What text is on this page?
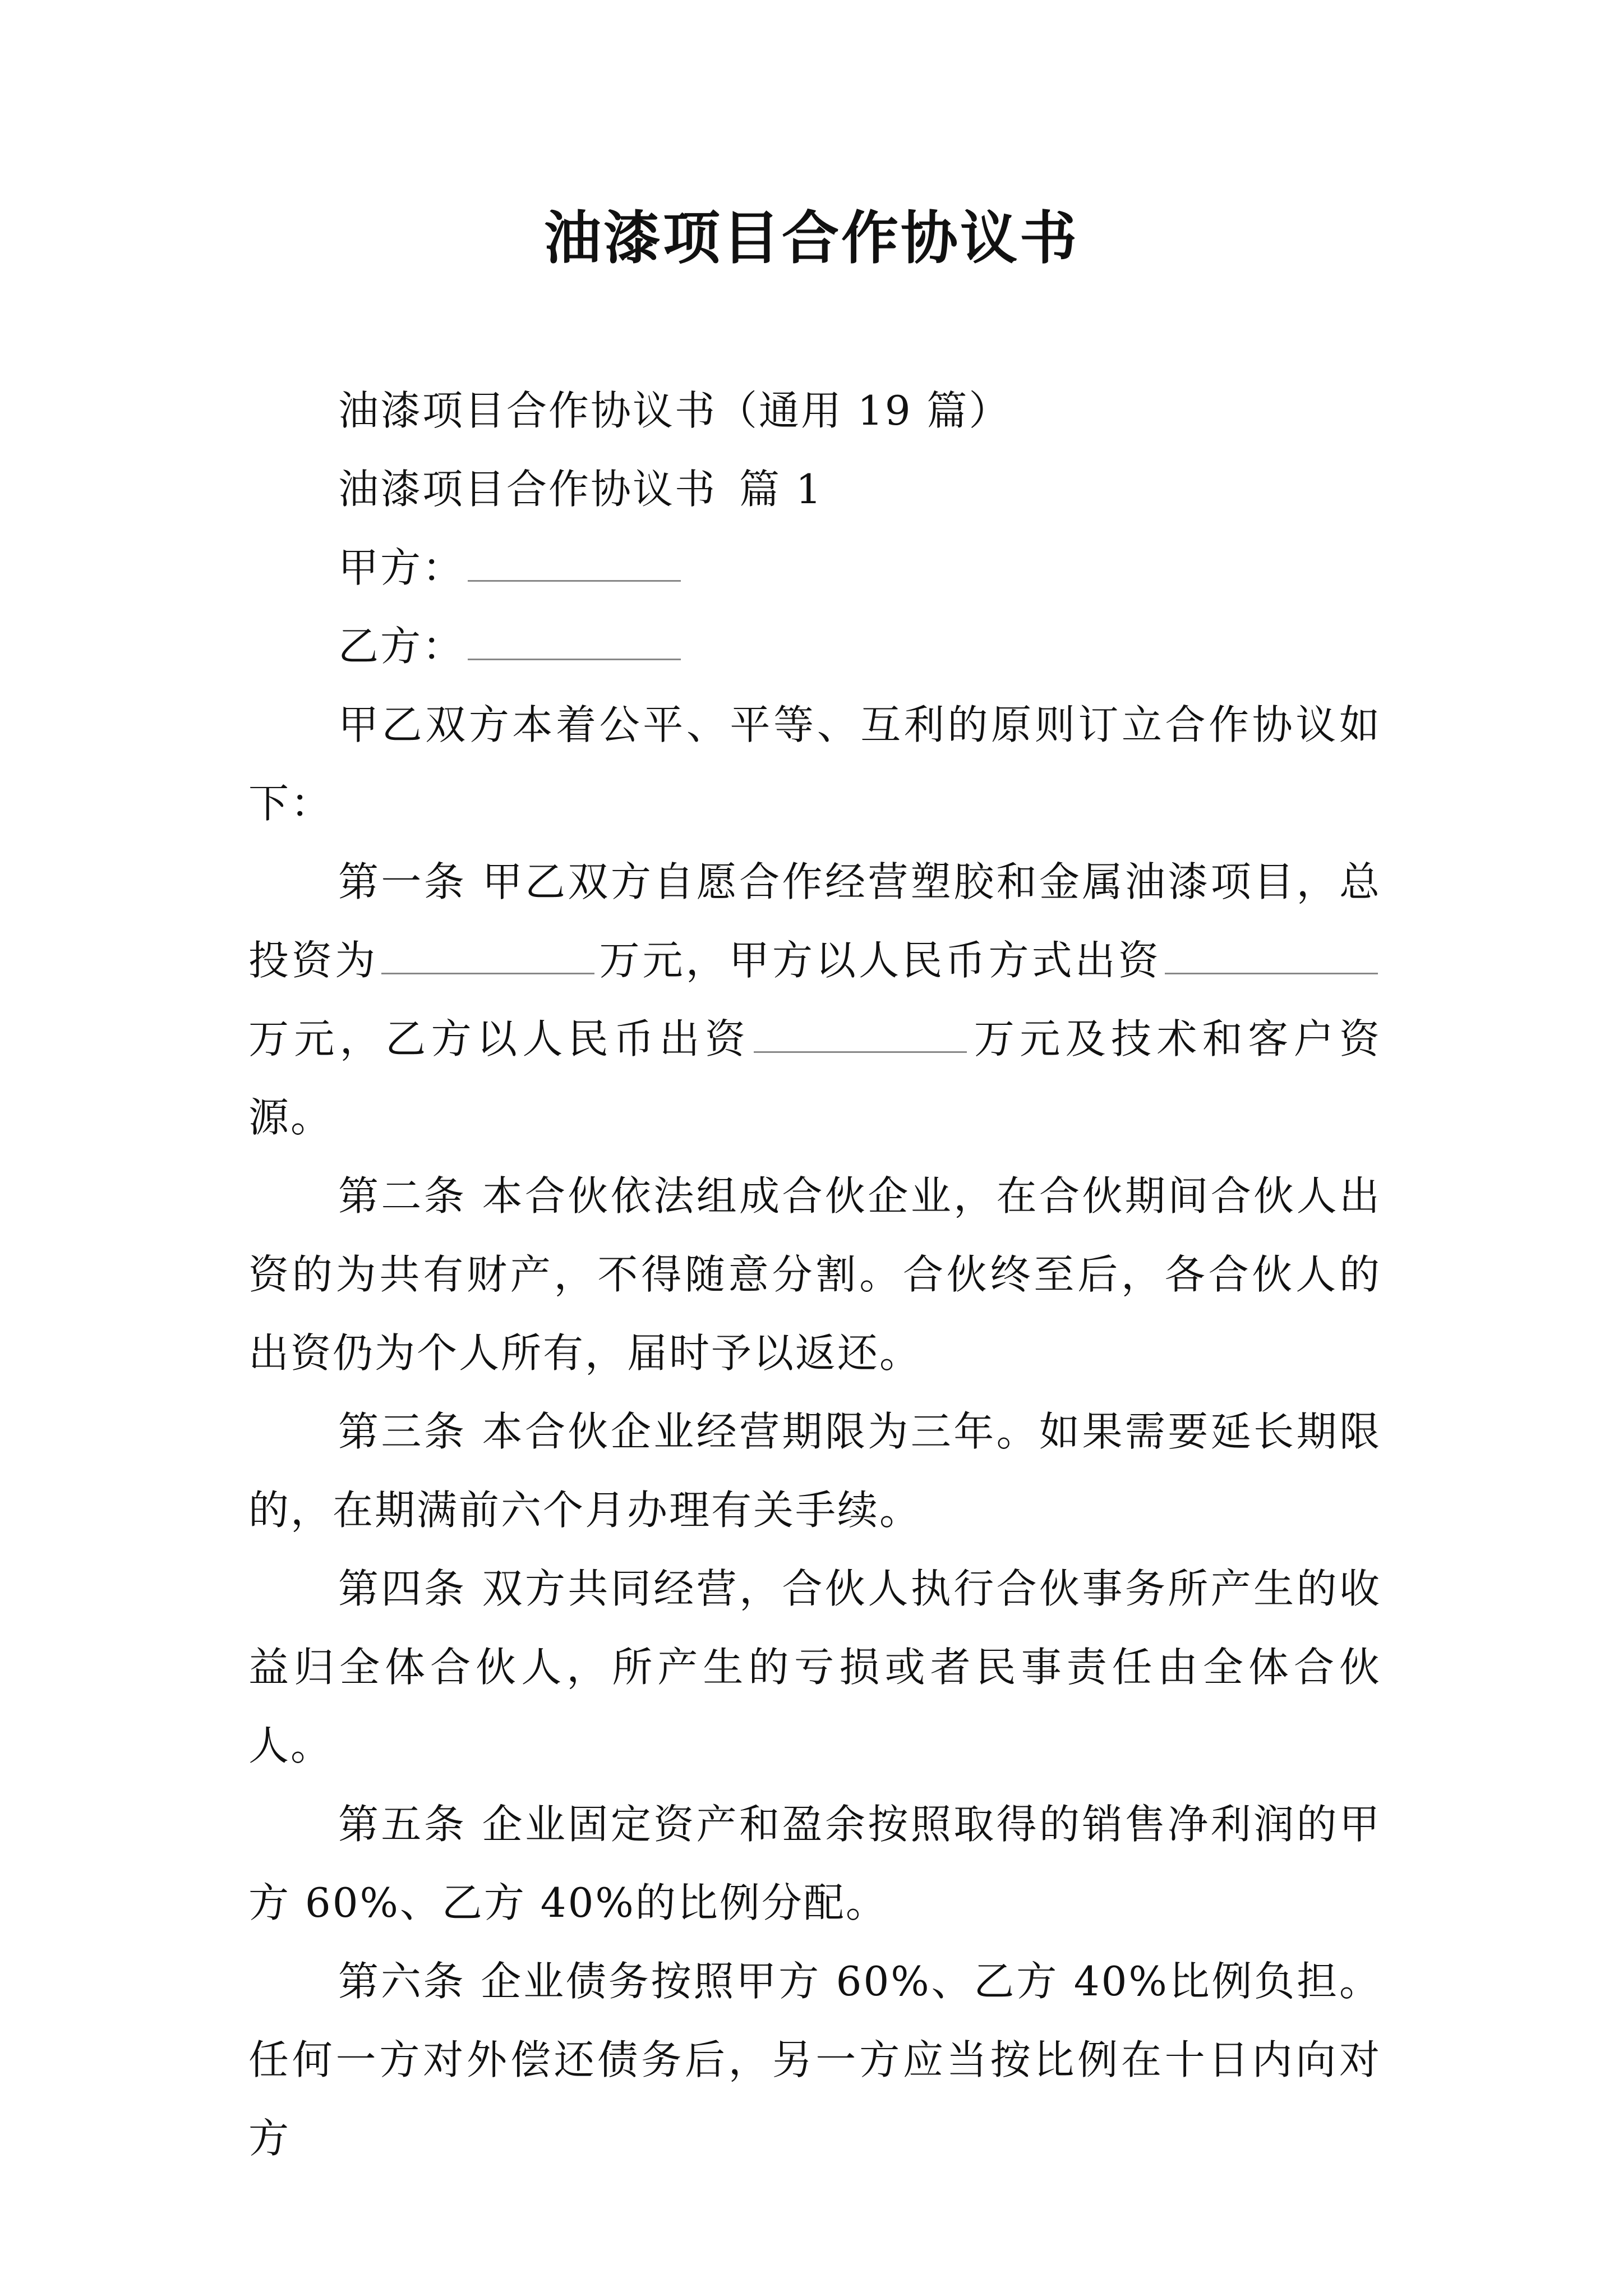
油漆项目合作协议书

油漆项目合作协议书（通用 19 篇）

油漆项目合作协议书 篇 1

甲方：

乙方：

甲乙双方本着公平、平等、互利的原则订立合作协议如下：

第一条 甲乙双方自愿合作经营塑胶和金属油漆项目，总投资为	万元，甲方以人民币方式出资万元，乙方以人民币出资	万元及技术和客户资源。

第二条 本合伙依法组成合伙企业，在合伙期间合伙人出资的为共有财产，不得随意分割。合伙终至后，各合伙人的出资仍为个人所有，届时予以返还。

第三条 本合伙企业经营期限为三年。如果需要延长期限的，在期满前六个月办理有关手续。

第四条 双方共同经营，合伙人执行合伙事务所产生的收益归全体合伙人，所产生的亏损或者民事责任由全体合伙人。

第五条 企业固定资产和盈余按照取得的销售净利润的甲方 60%、乙方 40%的比例分配。

第六条 企业债务按照甲方 60%、乙方 40%比例负担。任何一方对外偿还债务后，另一方应当按比例在十日内向对方
